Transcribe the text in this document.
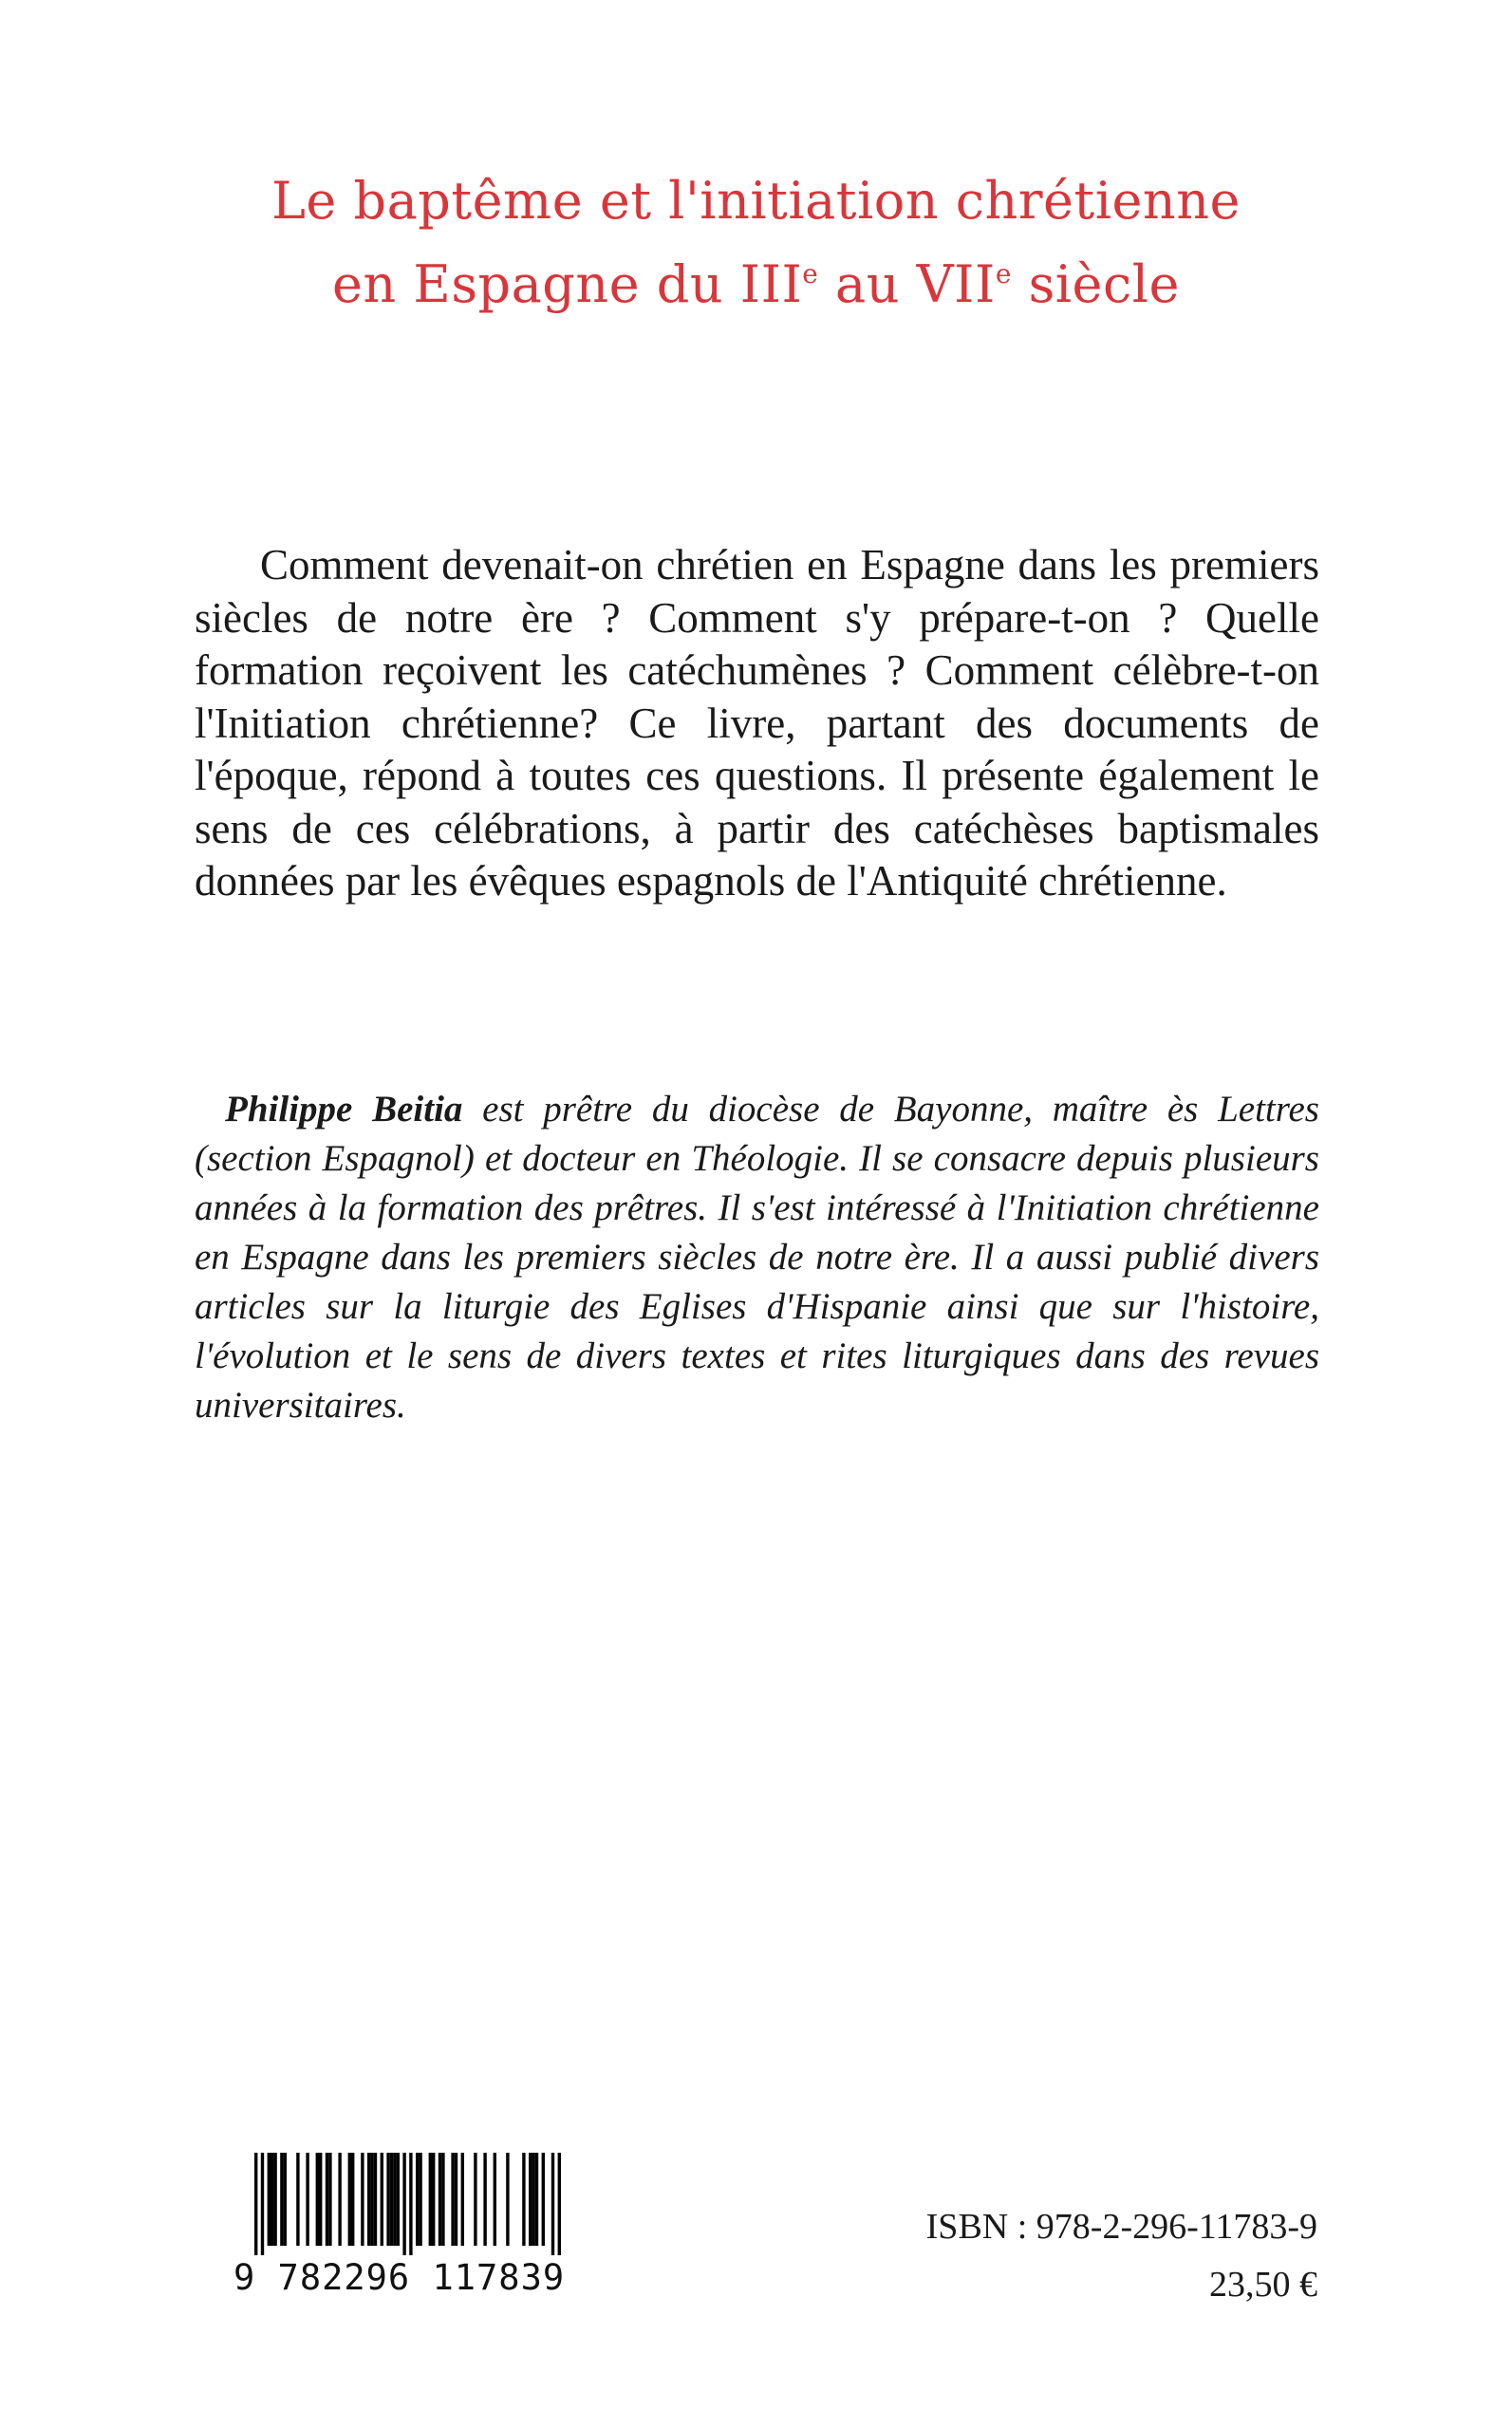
Le baptême et l'initiation chrétienne
en Espagne du IIIe au VIIe siècle

Comment devenait-on chrétien en Espagne dans les premiers siècles de notre ère ? Comment s'y prépare-t-on ? Quelle formation reçoivent les catéchumènes ? Comment célèbre-t-on l'Initiation chrétienne? Ce livre, partant des documents de l'époque, répond à toutes ces questions. Il présente également le sens de ces célébrations, à partir des catéchèses baptismales données par les évêques espagnols de l'Antiquité chrétienne.

Philippe Beitia est prêtre du diocèse de Bayonne, maître ès Lettres (section Espagnol) et docteur en Théologie. Il se consacre depuis plusieurs années à la formation des prêtres. Il s'est intéressé à l'Initiation chrétienne en Espagne dans les premiers siècles de notre ère. Il a aussi publié divers articles sur la liturgie des Eglises d'Hispanie ainsi que sur l'histoire, l'évolution et le sens de divers textes et rites liturgiques dans des revues universitaires.

9 782296 117839
ISBN : 978-2-296-11783-9
23,50 €
